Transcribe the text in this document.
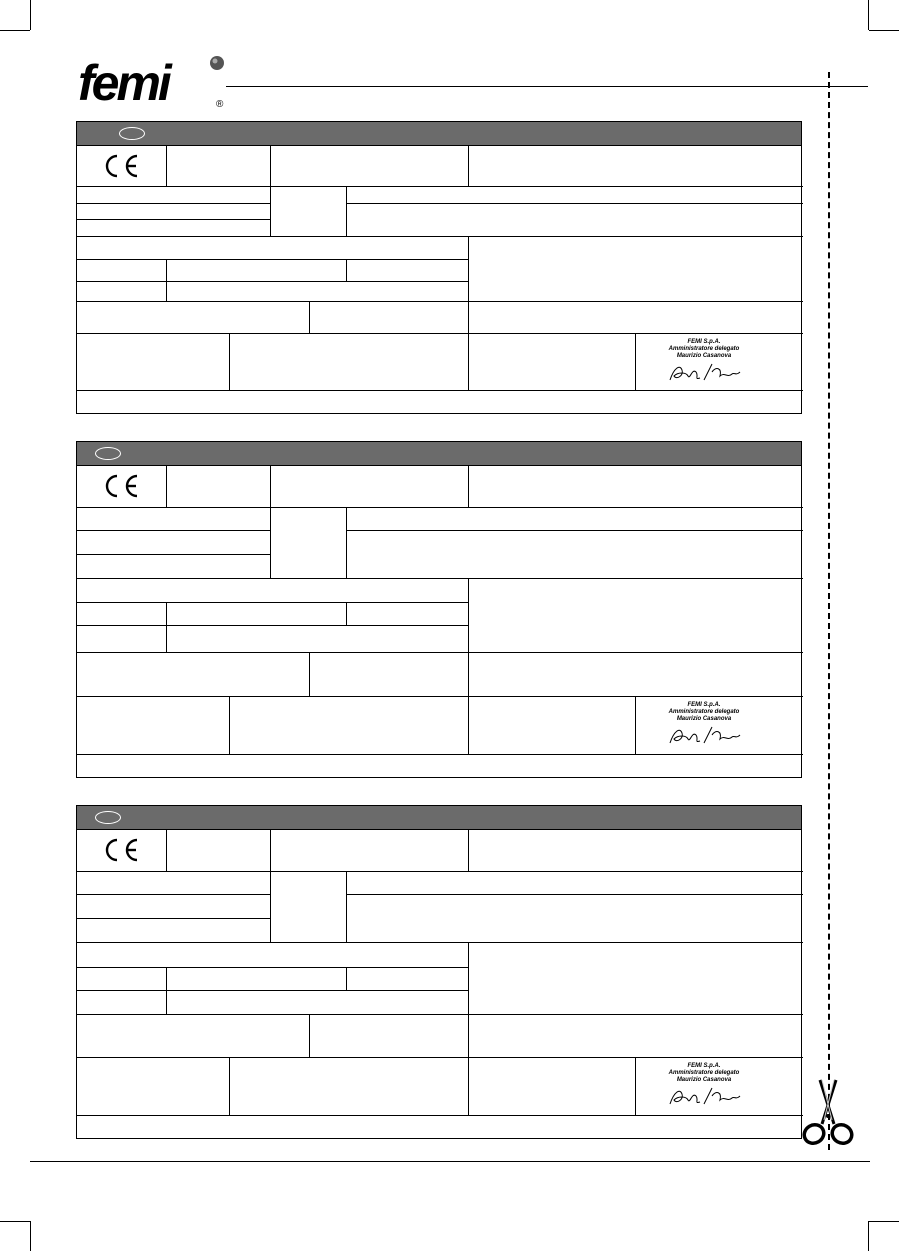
femi	®
FEMI S.p.A.
Amministratore delegato
Maurizio Casanova
FEMI S.p.A.
Amministratore delegato
Maurizio Casanova
FEMI S.p.A.
Amministratore delegato
Maurizio Casanova
